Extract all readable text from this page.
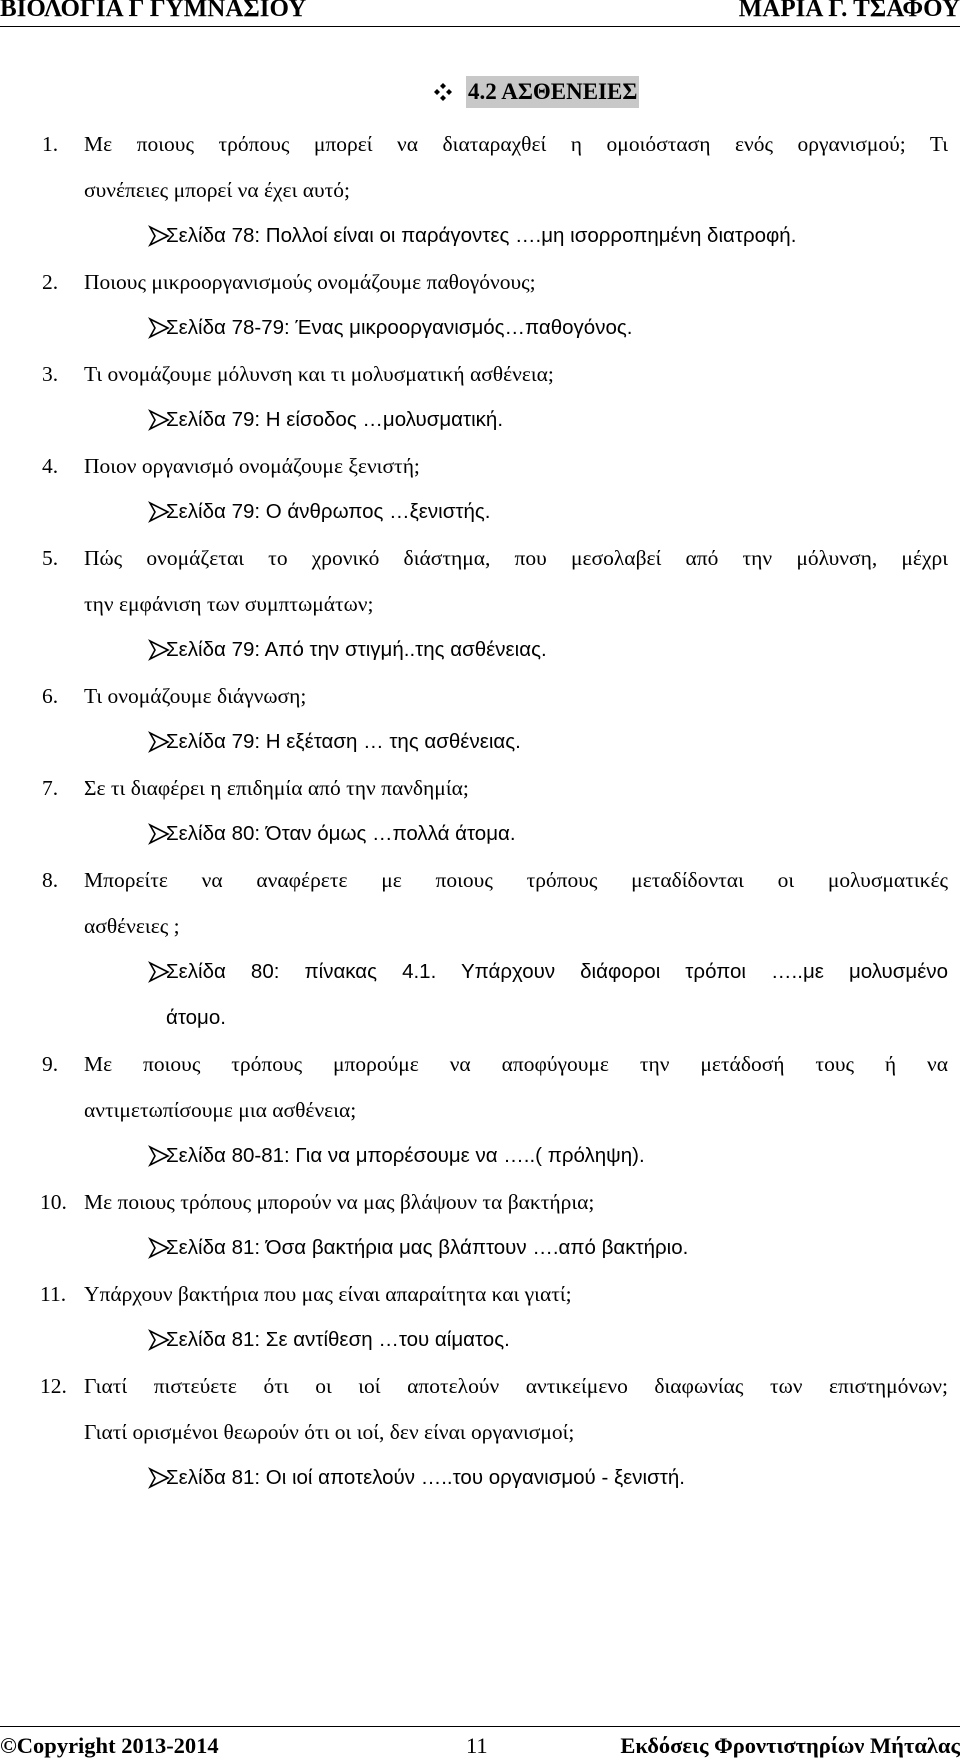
ΒΙΟΛΟΓΙΑ Γ ΓΥΜΝΑΣΙΟΥ	ΜΑΡΙΑ Γ. ΤΣΑΦΟΥ
4.2 ΑΣΘΕΝΕΙΕΣ
1. Με ποιους τρόπους μπορεί να διαταραχθεί η ομοιόσταση ενός οργανισμού; Τι
συνέπειες μπορεί να έχει αυτό;
Σελίδα 78: Πολλοί είναι οι παράγοντες ….μη ισορροπημένη διατροφή.
2. Ποιους μικροοργανισμούς ονομάζουμε παθογόνους;
Σελίδα 78-79: Ένας μικροοργανισμός…παθογόνος.
3. Τι ονομάζουμε μόλυνση και τι μολυσματική ασθένεια;
Σελίδα 79: Η είσοδος …μολυσματική.
4. Ποιον οργανισμό ονομάζουμε ξενιστή;
Σελίδα 79: Ο άνθρωπος …ξενιστής.
5. Πώς ονομάζεται το χρονικό διάστημα, που μεσολαβεί από την μόλυνση, μέχρι
την εμφάνιση των συμπτωμάτων;
Σελίδα 79: Από την στιγμή..της ασθένειας.
6. Τι ονομάζουμε διάγνωση;
Σελίδα 79: Η εξέταση … της ασθένειας.
7. Σε τι διαφέρει η επιδημία από την πανδημία;
Σελίδα 80: Όταν όμως …πολλά άτομα.
8. Μπορείτε να αναφέρετε με ποιους τρόπους μεταδίδονται οι μολυσματικές
ασθένειες ;
Σελίδα 80: πίνακας 4.1. Υπάρχουν διάφοροι τρόποι …..με μολυσμένο
άτομο.
9. Με ποιους τρόπους μπορούμε να αποφύγουμε την μετάδοσή τους ή να
αντιμετωπίσουμε μια ασθένεια;
Σελίδα 80-81: Για να μπορέσουμε να …..( πρόληψη).
10. Με ποιους τρόπους μπορούν να μας βλάψουν τα βακτήρια;
Σελίδα 81: Όσα βακτήρια μας βλάπτουν ….από βακτήριο.
11. Υπάρχουν βακτήρια που μας είναι απαραίτητα και γιατί;
Σελίδα 81: Σε αντίθεση …του αίματος.
12. Γιατί πιστεύετε ότι οι ιοί αποτελούν αντικείμενο διαφωνίας των επιστημόνων;
Γιατί ορισμένοι θεωρούν ότι οι ιοί, δεν είναι οργανισμοί;
Σελίδα 81: Οι ιοί αποτελούν …..του οργανισμού - ξενιστή.
©Copyright 2013-2014	11	Εκδόσεις Φροντιστηρίων Μήταλας
